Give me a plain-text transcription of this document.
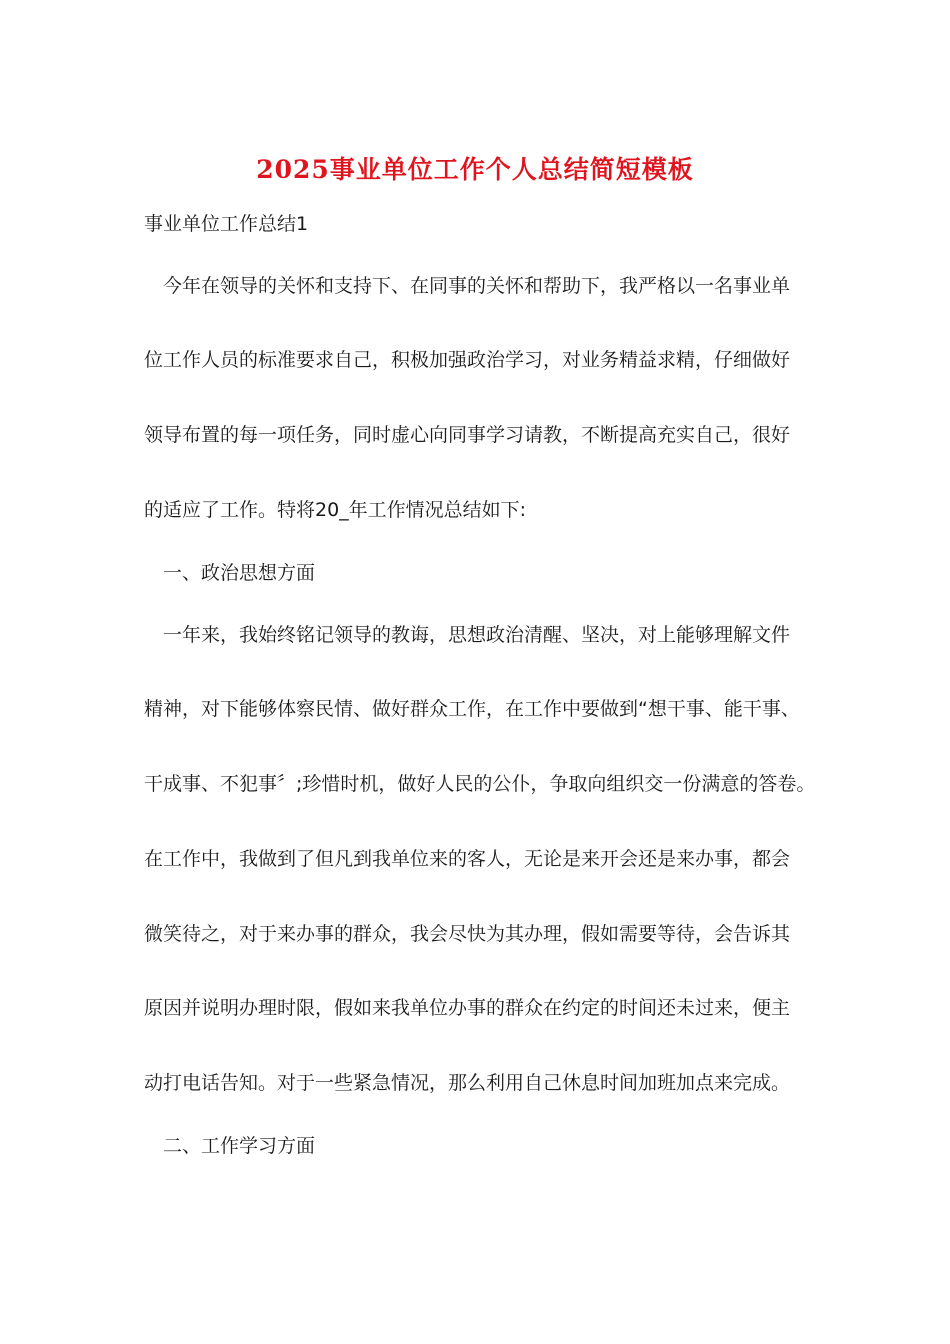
2025事业单位工作个人总结简短模板
事业单位工作总结1
今年在领导的关怀和支持下、在同事的关怀和帮助下，我严格以一名事业单
位工作人员的标准要求自己，积极加强政治学习，对业务精益求精，仔细做好
领导布置的每一项任务，同时虚心向同事学习请教，不断提高充实自己，很好
的适应了工作。特将20_年工作情况总结如下:
一、政治思想方面
一年来，我始终铭记领导的教诲，思想政治清醒、坚决，对上能够理解文件
精神，对下能够体察民情、做好群众工作，在工作中要做到“想干事、能干事、
干成事、不犯事〞;珍惜时机，做好人民的公仆，争取向组织交一份满意的答卷。
在工作中，我做到了但凡到我单位来的客人，无论是来开会还是来办事，都会
微笑待之，对于来办事的群众，我会尽快为其办理，假如需要等待，会告诉其
原因并说明办理时限，假如来我单位办事的群众在约定的时间还未过来，便主
动打电话告知。对于一些紧急情况，那么利用自己休息时间加班加点来完成。
二、工作学习方面
